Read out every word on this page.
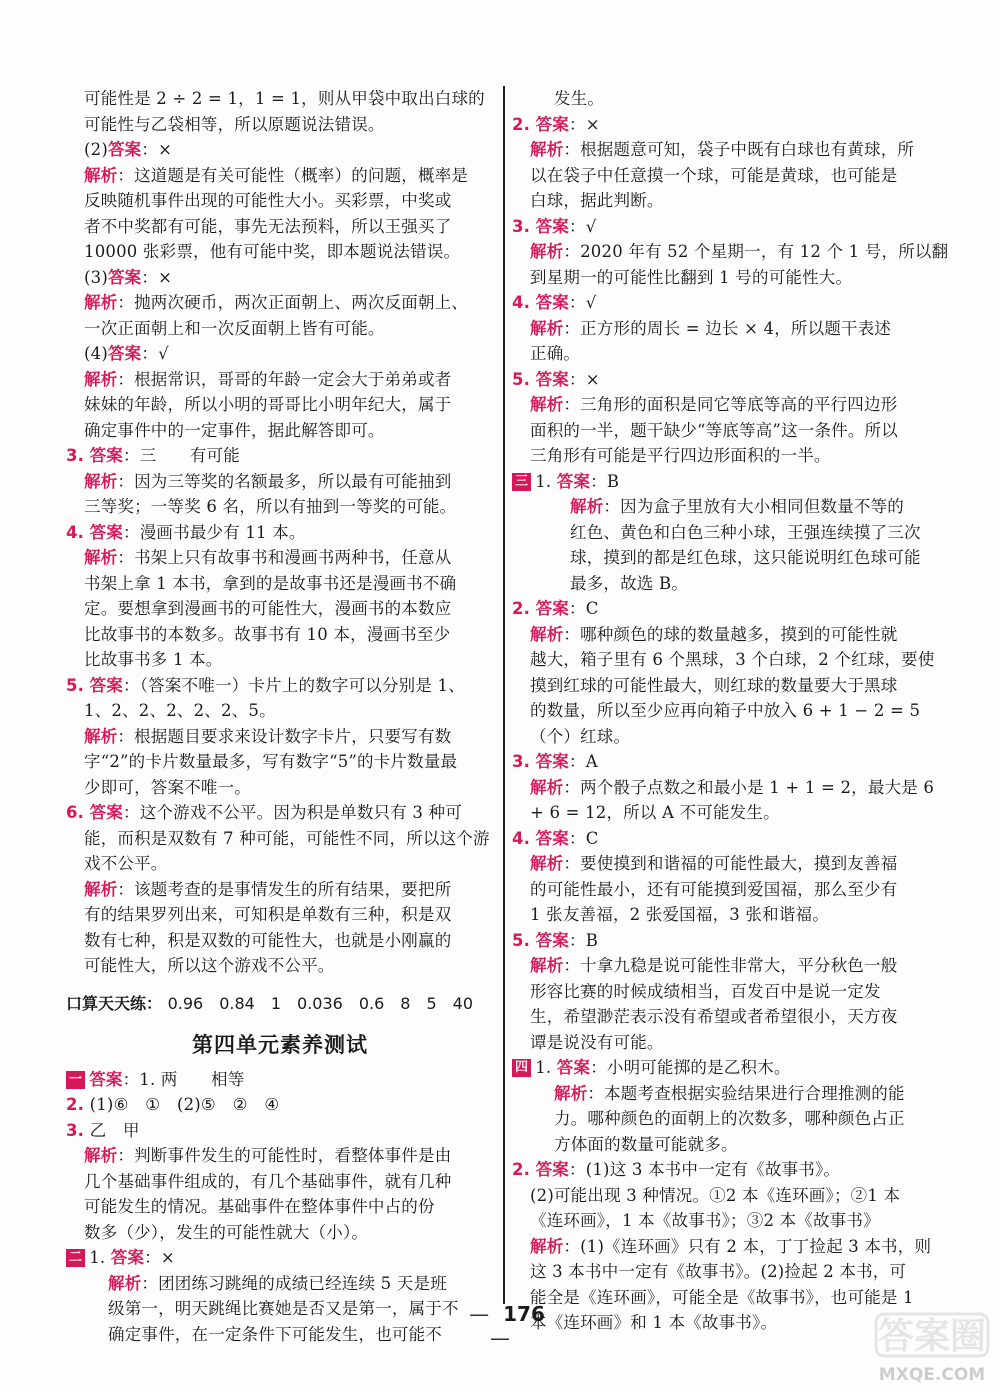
可能性是 2 ÷ 2 = 1，1 = 1，则从甲袋中取出白球的
可能性与乙袋相等，所以原题说法错误。
(2)答案：×
解析：这道题是有关可能性（概率）的问题，概率是
反映随机事件出现的可能性大小。买彩票，中奖或
者不中奖都有可能，事先无法预料，所以王强买了
10000 张彩票，他有可能中奖，即本题说法错误。
(3)答案：×
解析：抛两次硬币，两次正面朝上、两次反面朝上、
一次正面朝上和一次反面朝上皆有可能。
(4)答案：√
解析：根据常识，哥哥的年龄一定会大于弟弟或者
妹妹的年龄，所以小明的哥哥比小明年纪大，属于
确定事件中的一定事件，据此解答即可。
3. 答案：三　　有可能
解析：因为三等奖的名额最多，所以最有可能抽到
三等奖；一等奖 6 名，所以有抽到一等奖的可能。
4. 答案：漫画书最少有 11 本。
解析：书架上只有故事书和漫画书两种书，任意从
书架上拿 1 本书，拿到的是故事书还是漫画书不确
定。要想拿到漫画书的可能性大，漫画书的本数应
比故事书的本数多。故事书有 10 本，漫画书至少
比故事书多 1 本。
5. 答案：（答案不唯一）卡片上的数字可以分别是 1、
1、2、2、2、2、2、5。
解析：根据题目要求来设计数字卡片，只要写有数
字“2”的卡片数量最多，写有数字“5”的卡片数量最
少即可，答案不唯一。
6. 答案：这个游戏不公平。因为积是单数只有 3 种可
能，而积是双数有 7 种可能，可能性不同，所以这个游
戏不公平。
解析：该题考查的是事情发生的所有结果，要把所
有的结果罗列出来，可知积是单数有三种，积是双
数有七种，积是双数的可能性大，也就是小刚赢的
可能性大，所以这个游戏不公平。
口算天天练： 0.96　0.84　1　0.036　0.6　8　5　40
第四单元素养测试
一 答案：1. 两　　相等
2. (1)⑥　①　(2)⑤　②　④
3. 乙　甲
解析：判断事件发生的可能性时，看整体事件是由
几个基础事件组成的，有几个基础事件，就有几种
可能发生的情况。基础事件在整体事件中占的份
数多（少），发生的可能性就大（小）。
二 1. 答案：×
解析：团团练习跳绳的成绩已经连续 5 天是班
级第一，明天跳绳比赛她是否又是第一，属于不
确定事件，在一定条件下可能发生，也可能不
发生。
2. 答案：×
解析：根据题意可知，袋子中既有白球也有黄球，所
以在袋子中任意摸一个球，可能是黄球，也可能是
白球，据此判断。
3. 答案：√
解析：2020 年有 52 个星期一，有 12 个 1 号，所以翻
到星期一的可能性比翻到 1 号的可能性大。
4. 答案：√
解析：正方形的周长 = 边长 × 4，所以题干表述
正确。
5. 答案：×
解析：三角形的面积是同它等底等高的平行四边形
面积的一半，题干缺少“等底等高”这一条件。所以
三角形有可能是平行四边形面积的一半。
三 1. 答案：B
解析：因为盒子里放有大小相同但数量不等的
红色、黄色和白色三种小球，王强连续摸了三次
球，摸到的都是红色球，这只能说明红色球可能
最多，故选 B。
2. 答案：C
解析：哪种颜色的球的数量越多，摸到的可能性就
越大，箱子里有 6 个黑球，3 个白球，2 个红球，要使
摸到红球的可能性最大，则红球的数量要大于黑球
的数量，所以至少应再向箱子中放入 6 + 1 − 2 = 5
（个）红球。
3. 答案：A
解析：两个骰子点数之和最小是 1 + 1 = 2，最大是 6
+ 6 = 12，所以 A 不可能发生。
4. 答案：C
解析：要使摸到和谐福的可能性最大，摸到友善福
的可能性最小，还有可能摸到爱国福，那么至少有
1 张友善福，2 张爱国福，3 张和谐福。
5. 答案：B
解析：十拿九稳是说可能性非常大，平分秋色一般
形容比赛的时候成绩相当，百发百中是说一定发
生，希望渺茫表示没有希望或者希望很小，天方夜
谭是说没有可能。
四 1. 答案：小明可能掷的是乙积木。
解析：本题考查根据实验结果进行合理推测的能
力。哪种颜色的面朝上的次数多，哪种颜色占正
方体面的数量可能就多。
2. 答案：(1)这 3 本书中一定有《故事书》。
(2)可能出现 3 种情况。①2 本《连环画》；②1 本
《连环画》，1 本《故事书》；③2 本《故事书》
解析：(1)《连环画》只有 2 本，丁丁捡起 3 本书，则
这 3 本书中一定有《故事书》。(2)捡起 2 本书，可
能全是《连环画》，可能全是《故事书》，也可能是 1
本《连环画》和 1 本《故事书》。
— 176—	答案圈
MXQE.COM
